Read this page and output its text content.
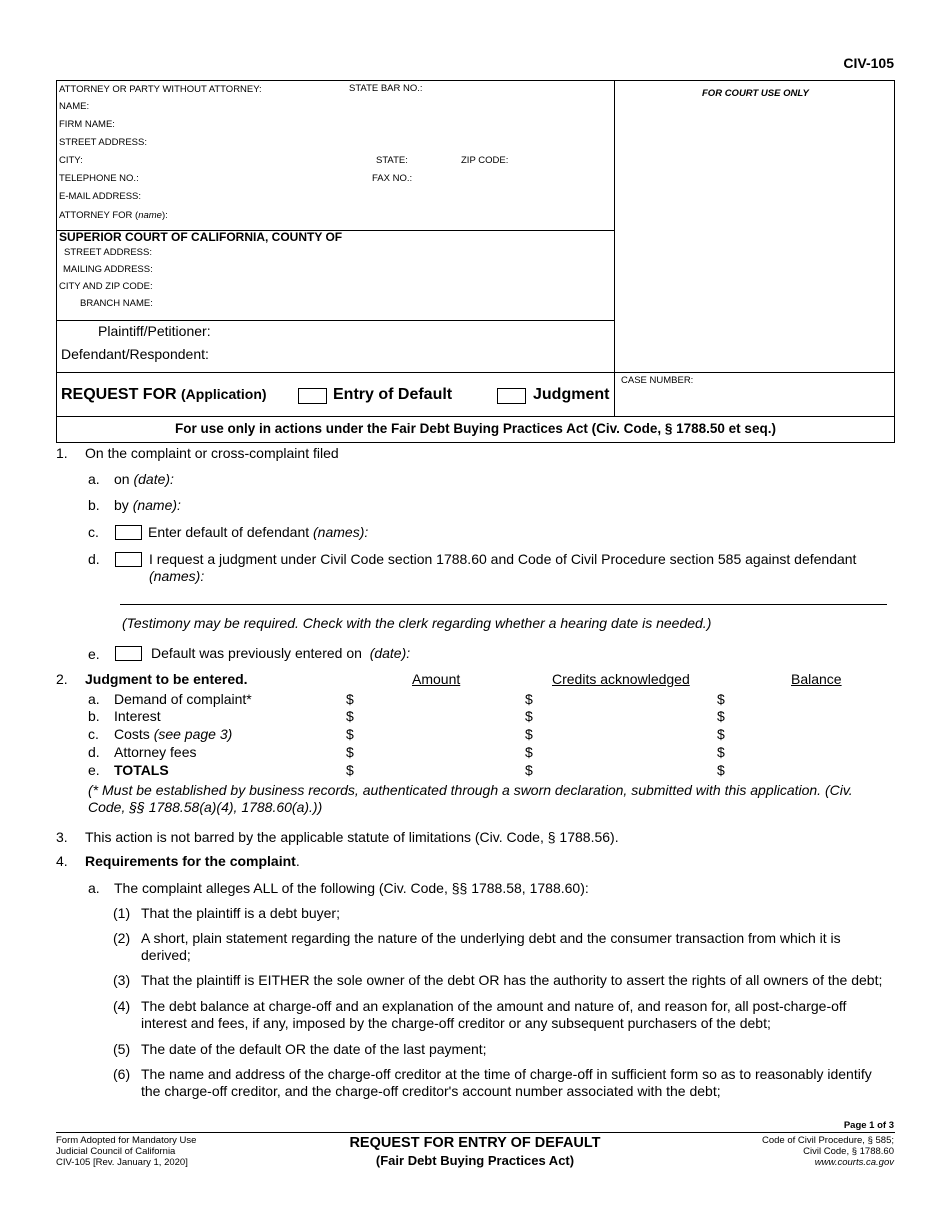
CIV-105
FOR COURT USE ONLY
ATTORNEY OR PARTY WITHOUT ATTORNEY:	STATE BAR NO.:
NAME:
FIRM NAME:
STREET ADDRESS:
CITY:	STATE:	ZIP CODE:
TELEPHONE NO.:	FAX NO.:
E-MAIL ADDRESS:
ATTORNEY FOR (name):
SUPERIOR COURT OF CALIFORNIA, COUNTY OF
STREET ADDRESS:
MAILING ADDRESS:
CITY AND ZIP CODE:
BRANCH NAME:
Plaintiff/Petitioner:
Defendant/Respondent:
REQUEST FOR (Application)	Entry of Default	Judgment
CASE NUMBER:
For use only in actions under the Fair Debt Buying Practices Act (Civ. Code, § 1788.50 et seq.)
1. On the complaint or cross-complaint filed
a. on (date):
b. by (name):
c.	Enter default of defendant (names):
d.	I request a judgment under Civil Code section 1788.60 and Code of Civil Procedure section 585 against defendant
(names):
(Testimony may be required. Check with the clerk regarding whether a hearing date is needed.)
e.	Default was previously entered on (date):
2. Judgment to be entered.	Amount	Credits acknowledged	Balance
a. Demand of complaint*	$	$	$
b. Interest	$	$	$
c. Costs (see page 3)	$	$	$
d. Attorney fees	$	$	$
e. TOTALS	$	$	$
(* Must be established by business records, authenticated through a sworn declaration, submitted with this application. (Civ. Code, §§ 1788.58(a)(4), 1788.60(a).))
3. This action is not barred by the applicable statute of limitations (Civ. Code, § 1788.56).
4. Requirements for the complaint.
a. The complaint alleges ALL of the following (Civ. Code, §§ 1788.58, 1788.60):
(1) That the plaintiff is a debt buyer;
(2) A short, plain statement regarding the nature of the underlying debt and the consumer transaction from which it is derived;
(3) That the plaintiff is EITHER the sole owner of the debt OR has the authority to assert the rights of all owners of the debt;
(4) The debt balance at charge-off and an explanation of the amount and nature of, and reason for, all post-charge-off interest and fees, if any, imposed by the charge-off creditor or any subsequent purchasers of the debt;
(5) The date of the default OR the date of the last payment;
(6) The name and address of the charge-off creditor at the time of charge-off in sufficient form so as to reasonably identify the charge-off creditor, and the charge-off creditor's account number associated with the debt;
Page 1 of 3
Form Adopted for Mandatory Use
Judicial Council of California
CIV-105 [Rev. January 1, 2020]
REQUEST FOR ENTRY OF DEFAULT
(Fair Debt Buying Practices Act)
Code of Civil Procedure, § 585;
Civil Code, § 1788.60
www.courts.ca.gov
